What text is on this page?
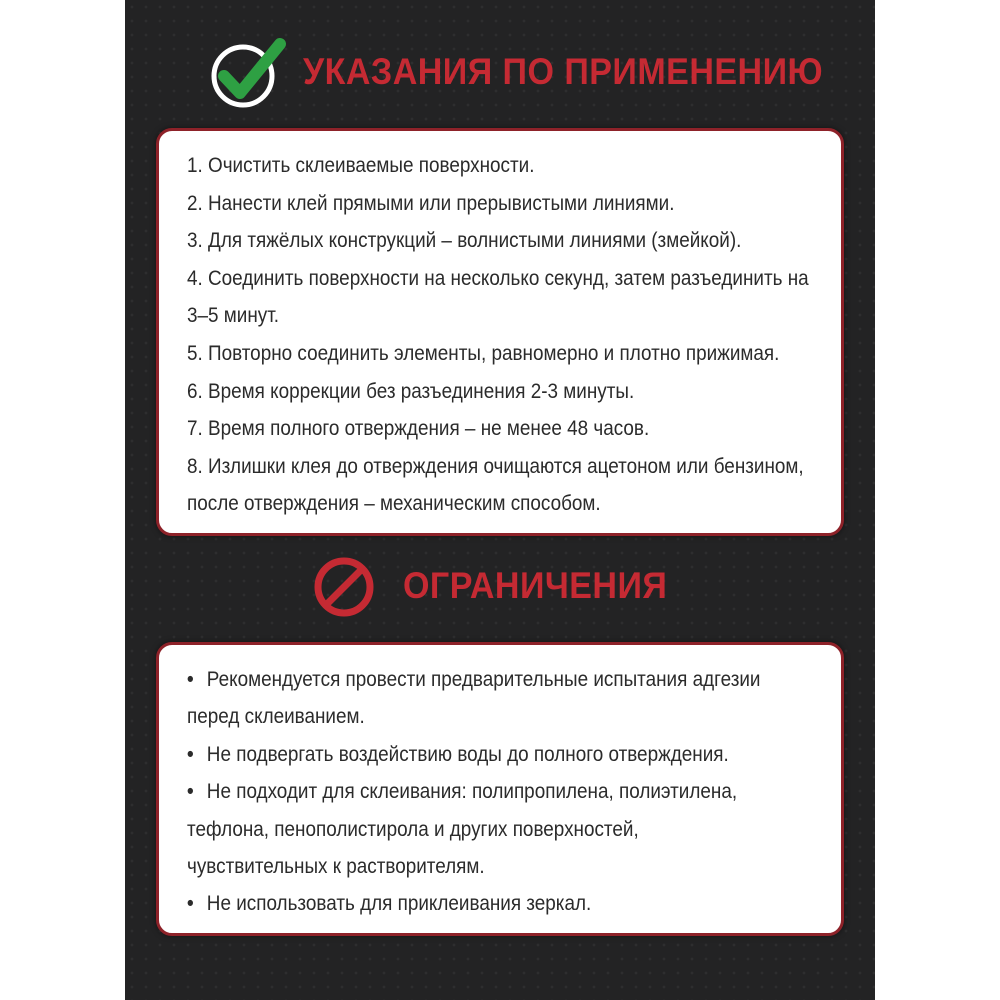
УКАЗАНИЯ ПО ПРИМЕНЕНИЮ
1. Очистить склеиваемые поверхности.
2. Нанести клей прямыми или прерывистыми линиями.
3. Для тяжёлых конструкций – волнистыми линиями (змейкой).
4. Соединить поверхности на несколько секунд, затем разъединить на
3–5 минут.
5. Повторно соединить элементы, равномерно и плотно прижимая.
6. Время коррекции без разъединения 2-3 минуты.
7. Время полного отверждения – не менее 48 часов.
8. Излишки клея до отверждения очищаются ацетоном или бензином,
после отверждения – механическим способом.
ОГРАНИЧЕНИЯ
• Рекомендуется провести предварительные испытания адгезии
перед склеиванием.
• Не подвергать воздействию воды до полного отверждения.
• Не подходит для склеивания: полипропилена, полиэтилена,
тефлона, пенополистирола и других поверхностей,
чувствительных к растворителям.
• Не использовать для приклеивания зеркал.
